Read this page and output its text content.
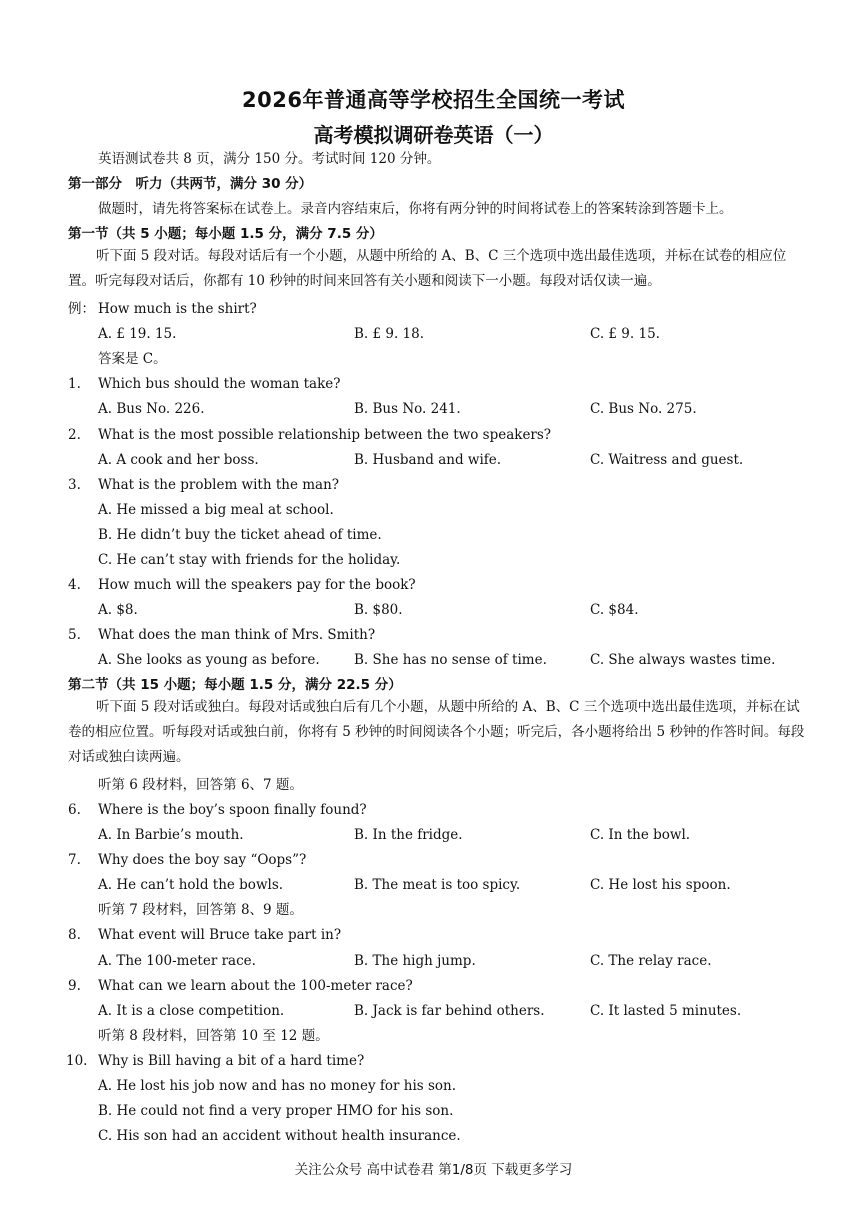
2026年普通高等学校招生全国统一考试
高考模拟调研卷英语（一）
英语测试卷共 8 页，满分 150 分。考试时间 120 分钟。
第一部分　听力（共两节，满分 30 分）
做题时，请先将答案标在试卷上。录音内容结束后，你将有两分钟的时间将试卷上的答案转涂到答题卡上。
第一节（共 5 小题；每小题 1.5 分，满分 7.5 分）
听下面 5 段对话。每段对话后有一个小题，从题中所给的 A、B、C 三个选项中选出最佳选项，并标在试卷的相应位置。听完每段对话后，你都有 10 秒钟的时间来回答有关小题和阅读下一小题。每段对话仅读一遍。
例： How much is the shirt?
A. £ 19. 15.	B. £ 9. 18.	C. £ 9. 15.
答案是 C。
1. Which bus should the woman take?
A. Bus No. 226.	B. Bus No. 241.	C. Bus No. 275.
2. What is the most possible relationship between the two speakers?
A. A cook and her boss.	B. Husband and wife.	C. Waitress and guest.
3. What is the problem with the man?
A. He missed a big meal at school.
B. He didn’t buy the ticket ahead of time.
C. He can’t stay with friends for the holiday.
4. How much will the speakers pay for the book?
A. $8.	B. $80.	C. $84.
5. What does the man think of Mrs. Smith?
A. She looks as young as before.	B. She has no sense of time.	C. She always wastes time.
第二节（共 15 小题；每小题 1.5 分，满分 22.5 分）
听下面 5 段对话或独白。每段对话或独白后有几个小题，从题中所给的 A、B、C 三个选项中选出最佳选项，并标在试卷的相应位置。听每段对话或独白前，你将有 5 秒钟的时间阅读各个小题；听完后，各小题将给出 5 秒钟的作答时间。每段对话或独白读两遍。
听第 6 段材料，回答第 6、7 题。
6. Where is the boy’s spoon finally found?
A. In Barbie’s mouth.	B. In the fridge.	C. In the bowl.
7. Why does the boy say “Oops”?
A. He can’t hold the bowls.	B. The meat is too spicy.	C. He lost his spoon.
听第 7 段材料，回答第 8、9 题。
8. What event will Bruce take part in?
A. The 100-meter race.	B. The high jump.	C. The relay race.
9. What can we learn about the 100-meter race?
A. It is a close competition.	B. Jack is far behind others.	C. It lasted 5 minutes.
听第 8 段材料，回答第 10 至 12 题。
10. Why is Bill having a bit of a hard time?
A. He lost his job now and has no money for his son.
B. He could not find a very proper HMO for his son.
C. His son had an accident without health insurance.
关注公众号 高中试卷君 第1/8页 下载更多学习
